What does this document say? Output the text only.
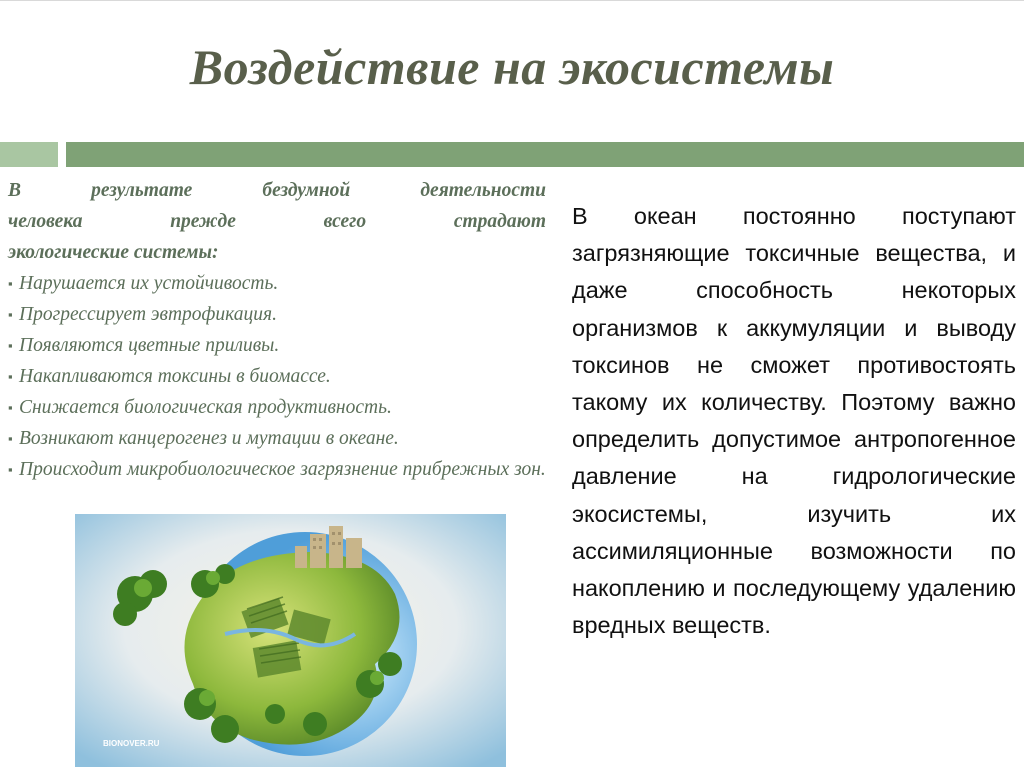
Воздействие на экосистемы
В результате бездумной деятельности
человека прежде всего страдают
экологические системы:
▪ Нарушается их устойчивость.
▪ Прогрессирует эвтрофикация.
▪ Появляются цветные приливы.
▪ Накапливаются токсины в биомассе.
▪ Снижается биологическая продуктивность.
▪ Возникают канцерогенез и мутации в океане.
▪ Происходит микробиологическое загрязнение прибрежных зон.
В океан постоянно поступают загрязняющие токсичные вещества, и даже способность некоторых организмов к аккумуляции и выводу токсинов не сможет противостоять такому их количеству. Поэтому важно определить допустимое антропогенное давление на гидрологические экосистемы, изучить их ассимиляционные возможности по накоплению и последующему удалению вредных веществ.
BIONOVER.RU
